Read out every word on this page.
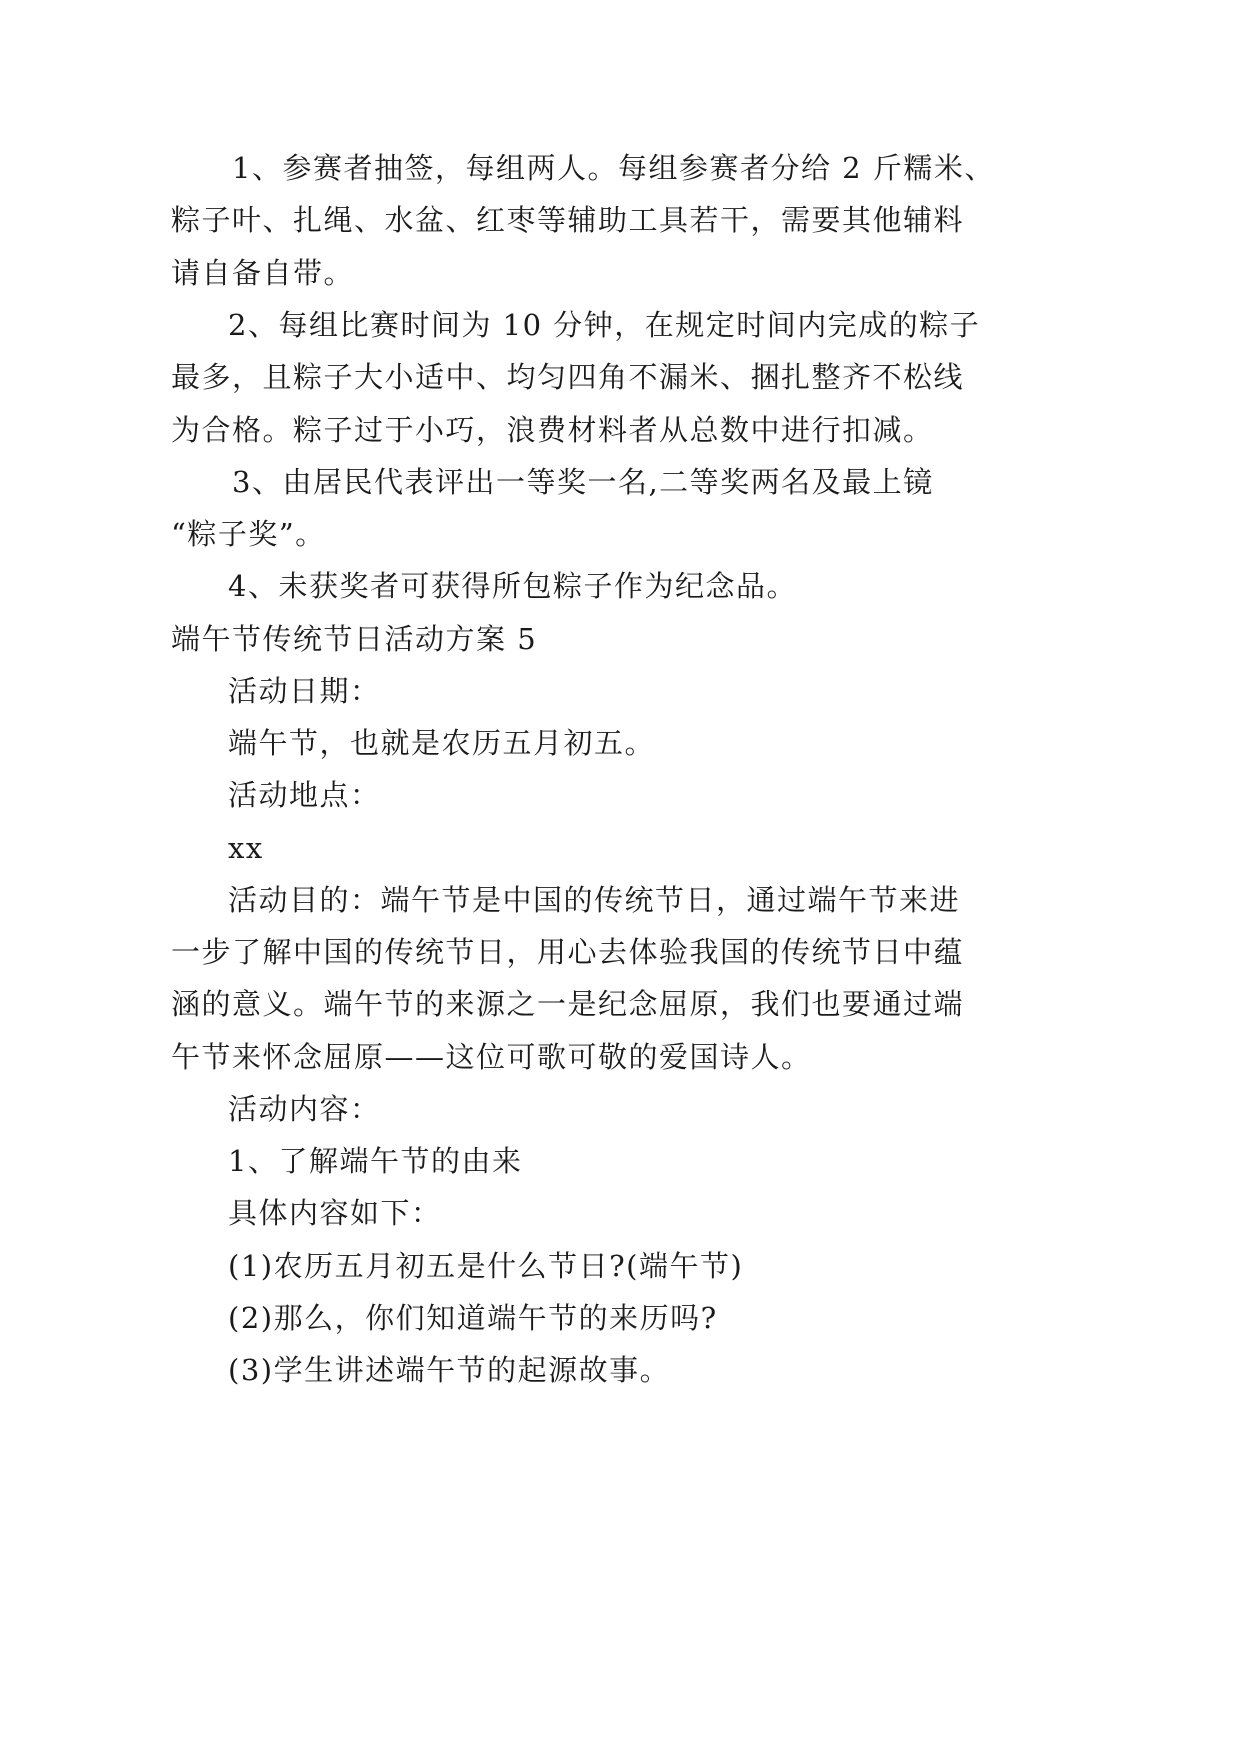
1、参赛者抽签，每组两人。每组参赛者分给 2 斤糯米、
粽子叶、扎绳、水盆、红枣等辅助工具若干，需要其他辅料
请自备自带。
2、每组比赛时间为 10 分钟，在规定时间内完成的粽子
最多，且粽子大小适中、均匀四角不漏米、捆扎整齐不松线
为合格。粽子过于小巧，浪费材料者从总数中进行扣减。
3、由居民代表评出一等奖一名,二等奖两名及最上镜
“粽子奖”。
4、未获奖者可获得所包粽子作为纪念品。
端午节传统节日活动方案 5
活动日期：
端午节，也就是农历五月初五。
活动地点：
xx
活动目的：端午节是中国的传统节日，通过端午节来进
一步了解中国的传统节日，用心去体验我国的传统节日中蕴
涵的意义。端午节的来源之一是纪念屈原，我们也要通过端
午节来怀念屈原——这位可歌可敬的爱国诗人。
活动内容：
1、了解端午节的由来
具体内容如下：
(1)农历五月初五是什么节日?(端午节)
(2)那么，你们知道端午节的来历吗?
(3)学生讲述端午节的起源故事。
